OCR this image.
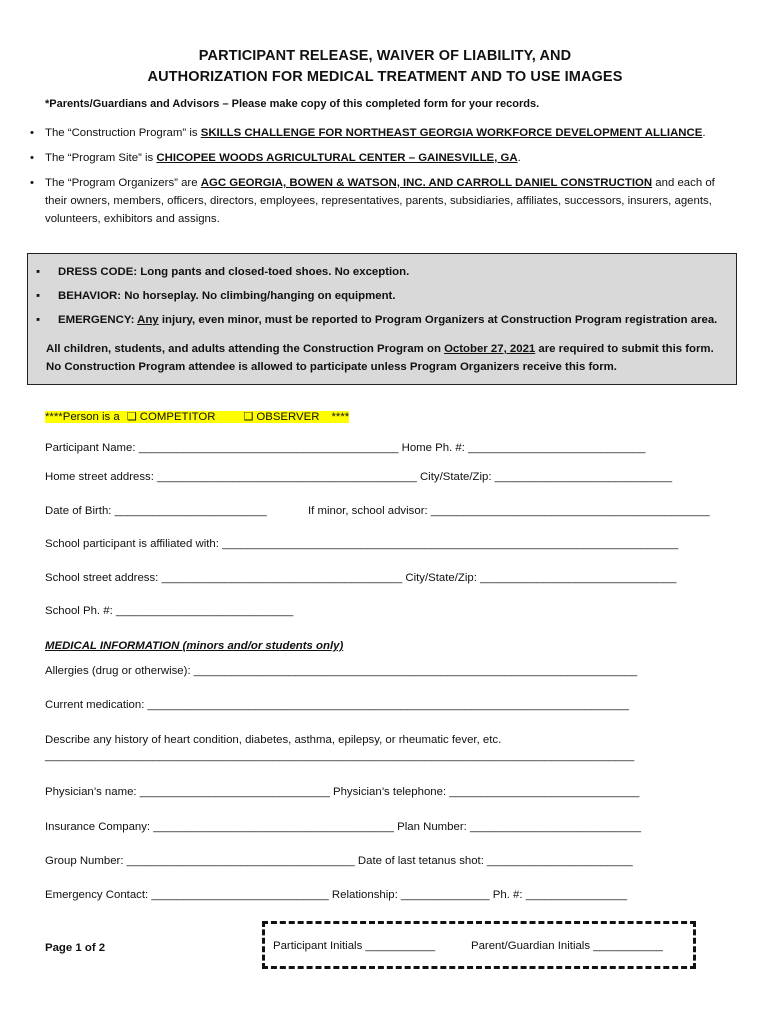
PARTICIPANT RELEASE, WAIVER OF LIABILITY, AND
AUTHORIZATION FOR MEDICAL TREATMENT AND TO USE IMAGES
*Parents/Guardians and Advisors – Please make copy of this completed form for your records.
• The “Construction Program” is SKILLS CHALLENGE FOR NORTHEAST GEORGIA WORKFORCE DEVELOPMENT ALLIANCE.
• The “Program Site” is CHICOPEE WOODS AGRICULTURAL CENTER – GAINESVILLE, GA.
• The “Program Organizers” are AGC GEORGIA, BOWEN & WATSON, INC. AND CARROLL DANIEL CONSTRUCTION and each of their owners, members, officers, directors, employees, representatives, parents, subsidiaries, affiliates, successors, insurers, agents, volunteers, exhibitors and assigns.
▪ DRESS CODE: Long pants and closed-toed shoes. No exception.
▪ BEHAVIOR: No horseplay. No climbing/hanging on equipment.
▪ EMERGENCY: Any injury, even minor, must be reported to Program Organizers at Construction Program registration area.
All children, students, and adults attending the Construction Program on October 27, 2021 are required to submit this form. No Construction Program attendee is allowed to participate unless Program Organizers receive this form.
****Person is a ❑ COMPETITOR	❑ OBSERVER ****
Participant Name: _________________________________________ Home Ph. #: ____________________________
Home street address: _________________________________________ City/State/Zip: ____________________________
Date of Birth: ________________________	If minor, school advisor: ____________________________________________
School participant is affiliated with: ________________________________________________________________________
School street address: ______________________________________ City/State/Zip: _______________________________
School Ph. #: ____________________________
MEDICAL INFORMATION (minors and/or students only)
Allergies (drug or otherwise): ______________________________________________________________________
Current medication: ____________________________________________________________________________
Describe any history of heart condition, diabetes, asthma, epilepsy, or rheumatic fever, etc.
_____________________________________________________________________________________________
Physician’s name: ______________________________ Physician’s telephone: ______________________________
Insurance Company: ______________________________________ Plan Number: ___________________________
Group Number: ____________________________________ Date of last tetanus shot: _______________________
Emergency Contact: ____________________________ Relationship: ______________ Ph. #: ________________
Page 1 of 2	Participant Initials ___________	Parent/Guardian Initials ___________
